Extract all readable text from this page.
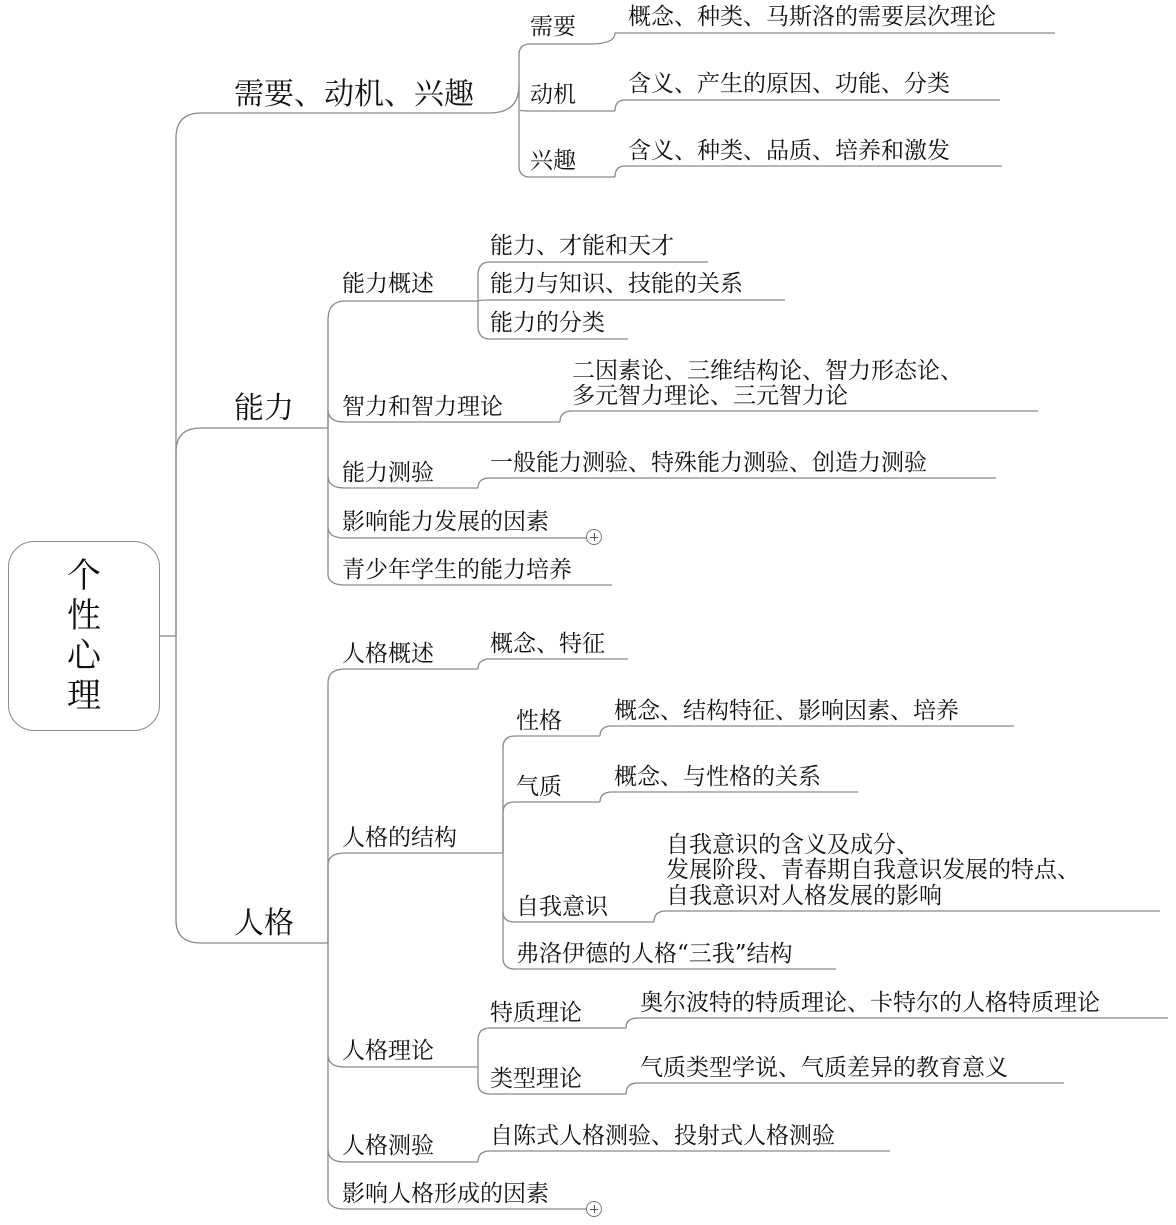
个性心理
需要、动机、兴趣
需要 概念、种类、马斯洛的需要层次理论
动机 含义、产生的原因、功能、分类
兴趣 含义、种类、品质、培养和激发
能力
能力概述
能力、才能和天才
能力与知识、技能的关系
能力的分类
智力和智力理论
二因素论、三维结构论、智力形态论、
多元智力理论、三元智力论
能力测验 一般能力测验、特殊能力测验、创造力测验
影响能力发展的因素
青少年学生的能力培养
人格
人格概述 概念、特征
人格的结构
性格 概念、结构特征、影响因素、培养
气质 概念、与性格的关系
自我意识
自我意识的含义及成分、
发展阶段、青春期自我意识发展的特点、
自我意识对人格发展的影响
弗洛伊德的人格“三我”结构
人格理论
特质理论	奥尔波特的特质理论、卡特尔的人格特质理论
类型理论	气质类型学说、气质差异的教育意义
人格测验 自陈式人格测验、投射式人格测验
影响人格形成的因素
